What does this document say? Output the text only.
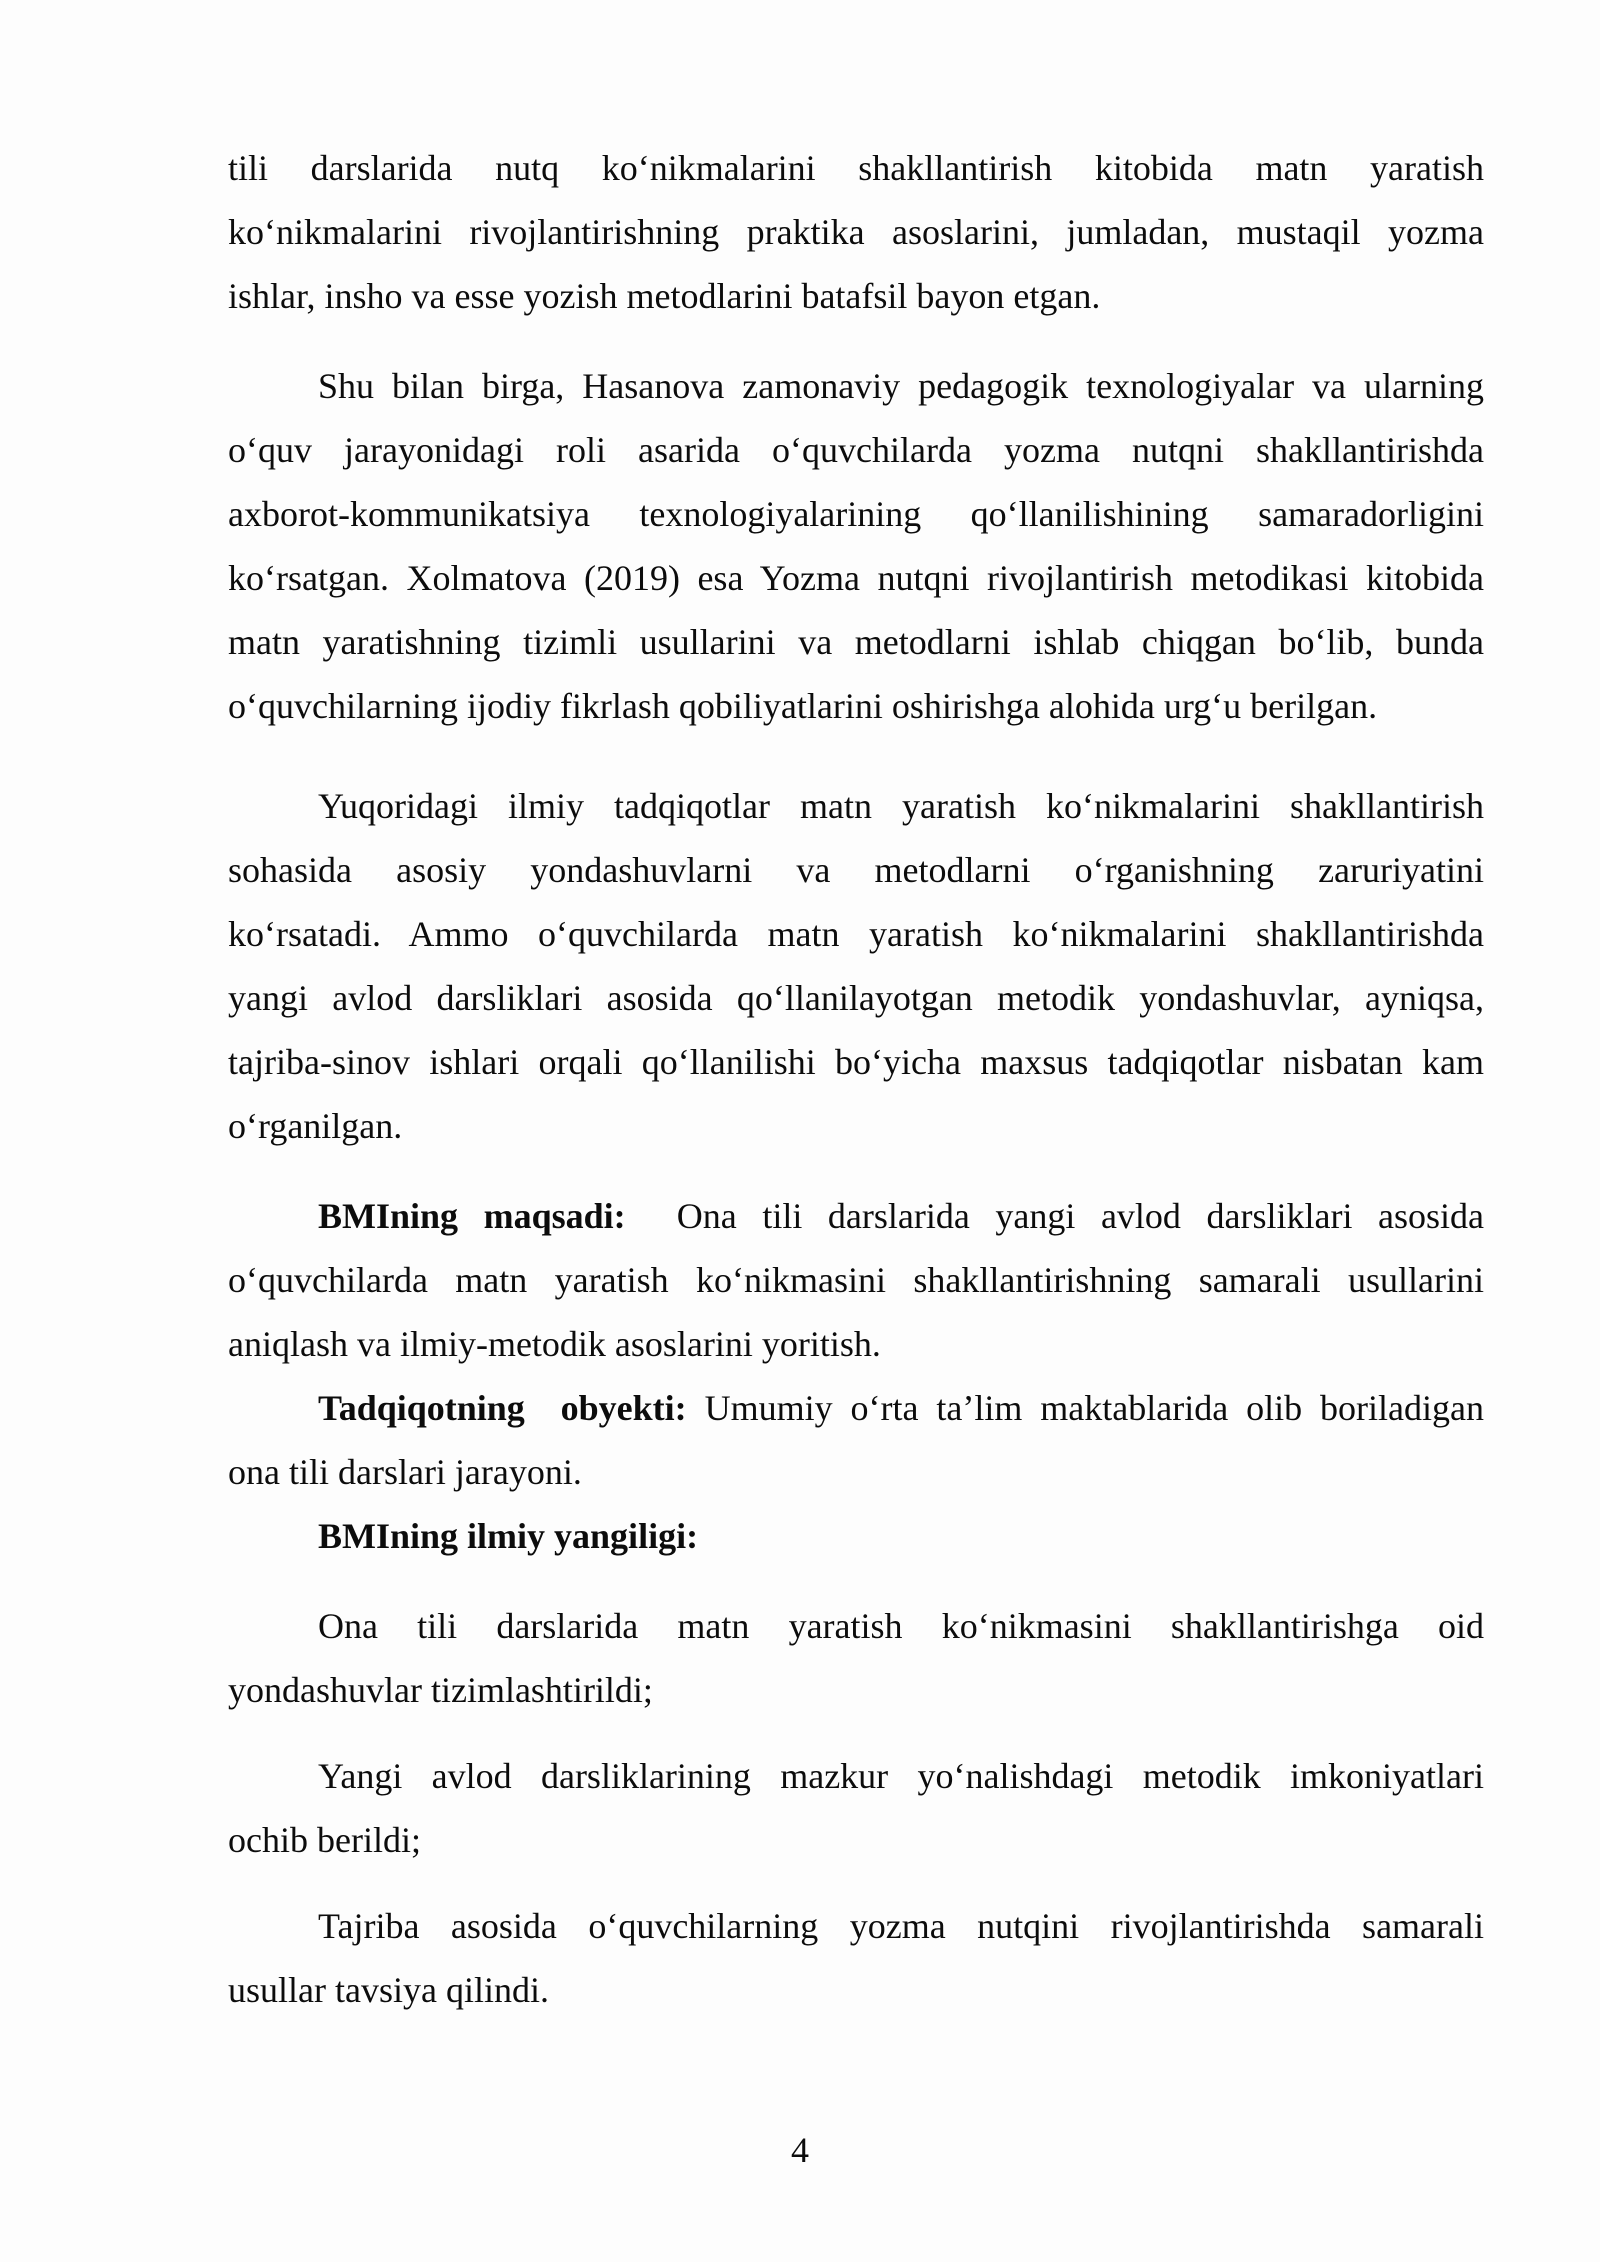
tili darslarida nutq koʻnikmalarini shakllantirish kitobida matn yaratish
koʻnikmalarini rivojlantirishning praktika asoslarini, jumladan, mustaqil yozma
ishlar, insho va esse yozish metodlarini batafsil bayon etgan.
Shu bilan birga, Hasanova zamonaviy pedagogik texnologiyalar va ularning
oʻquv jarayonidagi roli asarida oʻquvchilarda yozma nutqni shakllantirishda
axborot-kommunikatsiya texnologiyalarining qoʻllanilishining samaradorligini
koʻrsatgan. Xolmatova (2019) esa Yozma nutqni rivojlantirish metodikasi kitobida
matn yaratishning tizimli usullarini va metodlarni ishlab chiqgan boʻlib, bunda
oʻquvchilarning ijodiy fikrlash qobiliyatlarini oshirishga alohida urgʻu berilgan.
Yuqoridagi ilmiy tadqiqotlar matn yaratish koʻnikmalarini shakllantirish
sohasida asosiy yondashuvlarni va metodlarni oʻrganishning zaruriyatini
koʻrsatadi. Ammo oʻquvchilarda matn yaratish koʻnikmalarini shakllantirishda
yangi avlod darsliklari asosida qoʻllanilayotgan metodik yondashuvlar, ayniqsa,
tajriba-sinov ishlari orqali qoʻllanilishi boʻyicha maxsus tadqiqotlar nisbatan kam
oʻrganilgan.
BMIning maqsadi:  Ona tili darslarida yangi avlod darsliklari asosida
oʻquvchilarda matn yaratish koʻnikmasini shakllantirishning samarali usullarini
aniqlash va ilmiy-metodik asoslarini yoritish.
Tadqiqotning  obyekti: Umumiy oʻrta taʼlim maktablarida olib boriladigan
ona tili darslari jarayoni.
BMIning ilmiy yangiligi:
Ona tili darslarida matn yaratish koʻnikmasini shakllantirishga oid
yondashuvlar tizimlashtirildi;
Yangi avlod darsliklarining mazkur yoʻnalishdagi metodik imkoniyatlari
ochib berildi;
Tajriba asosida oʻquvchilarning yozma nutqini rivojlantirishda samarali
usullar tavsiya qilindi.
4
